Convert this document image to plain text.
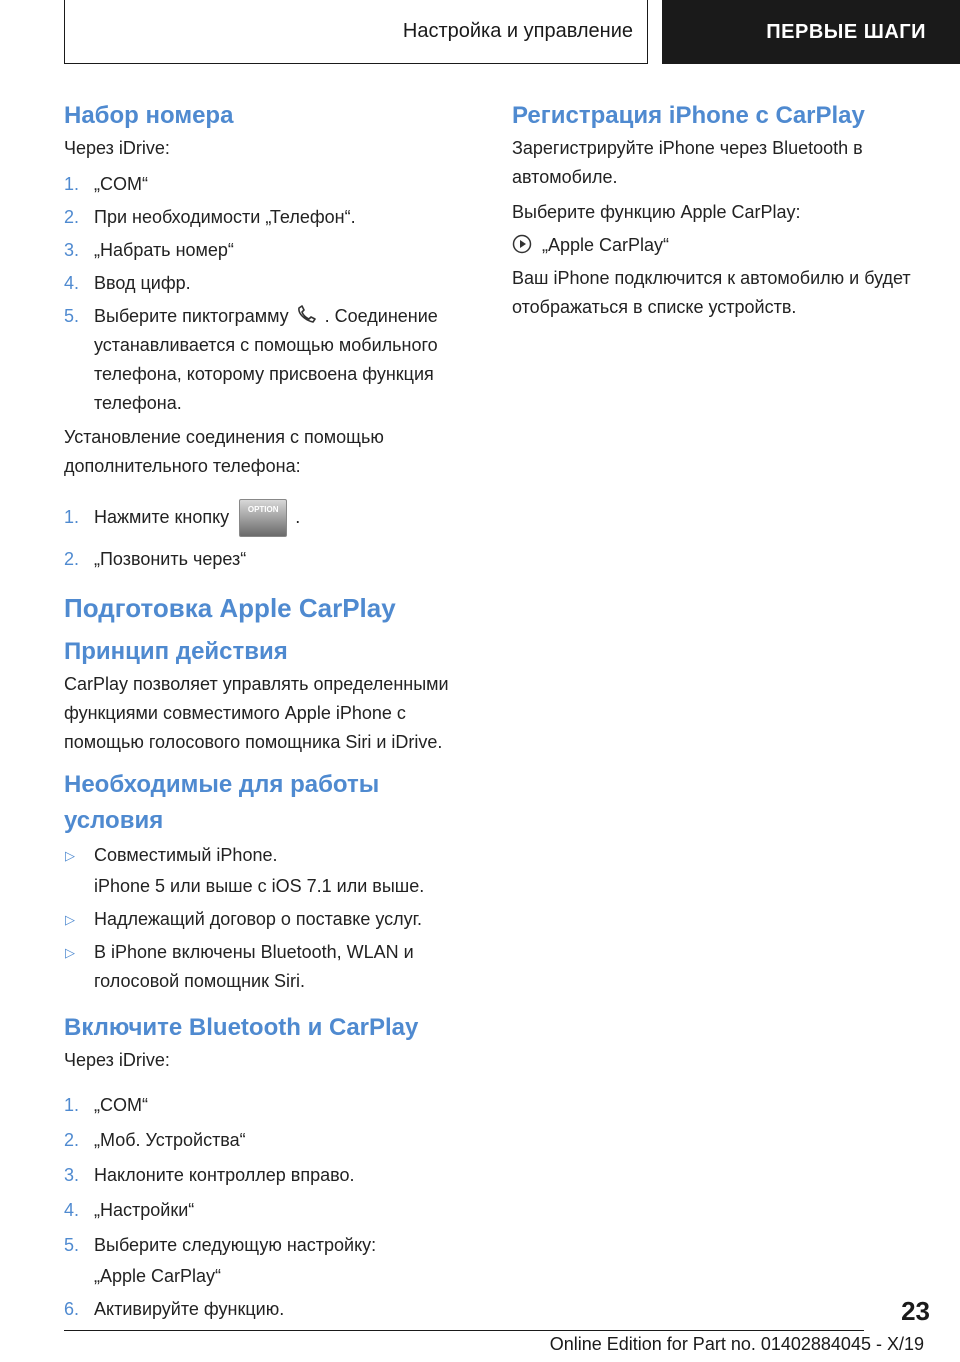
Настройка и управление	ПЕРВЫЕ ШАГИ
Набор номера

Через iDrive:

1. „COM“
2. При необходимости „Телефон“.
3. „Набрать номер“
4. Ввод цифр.
5. Выберите пиктограмму . Соединение устанавливается с помощью мобильного телефона, которому присвоена функция телефона.

Установление соединения с помощью дополнительного телефона:

1. Нажмите кнопку OPTION .
2. „Позвонить через“
Подготовка Apple CarPlay
Принцип действия

CarPlay позволяет управлять определенными функциями совместимого Apple iPhone с помощью голосового помощника Siri и iDrive.

Необходимые для работы условия
▷ Совместимый iPhone.
iPhone 5 или выше с iOS 7.1 или выше.
▷ Надлежащий договор о поставке услуг.
▷ В iPhone включены Bluetooth, WLAN и голосовой помощник Siri.
Включите Bluetooth и CarPlay

Через iDrive:

1. „COM“
2. „Моб. Устройства“
3. Наклоните контроллер вправо.
4. „Настройки“
5. Выберите следующую настройку:
„Apple CarPlay“
6. Активируйте функцию.
Регистрация iPhone с CarPlay

Зарегистрируйте iPhone через Bluetooth в автомобиле.

Выберите функцию Apple CarPlay:

„Apple CarPlay“

Ваш iPhone подключится к автомобилю и будет отображаться в списке устройств.

23
Online Edition for Part no. 01402884045 - X/19
